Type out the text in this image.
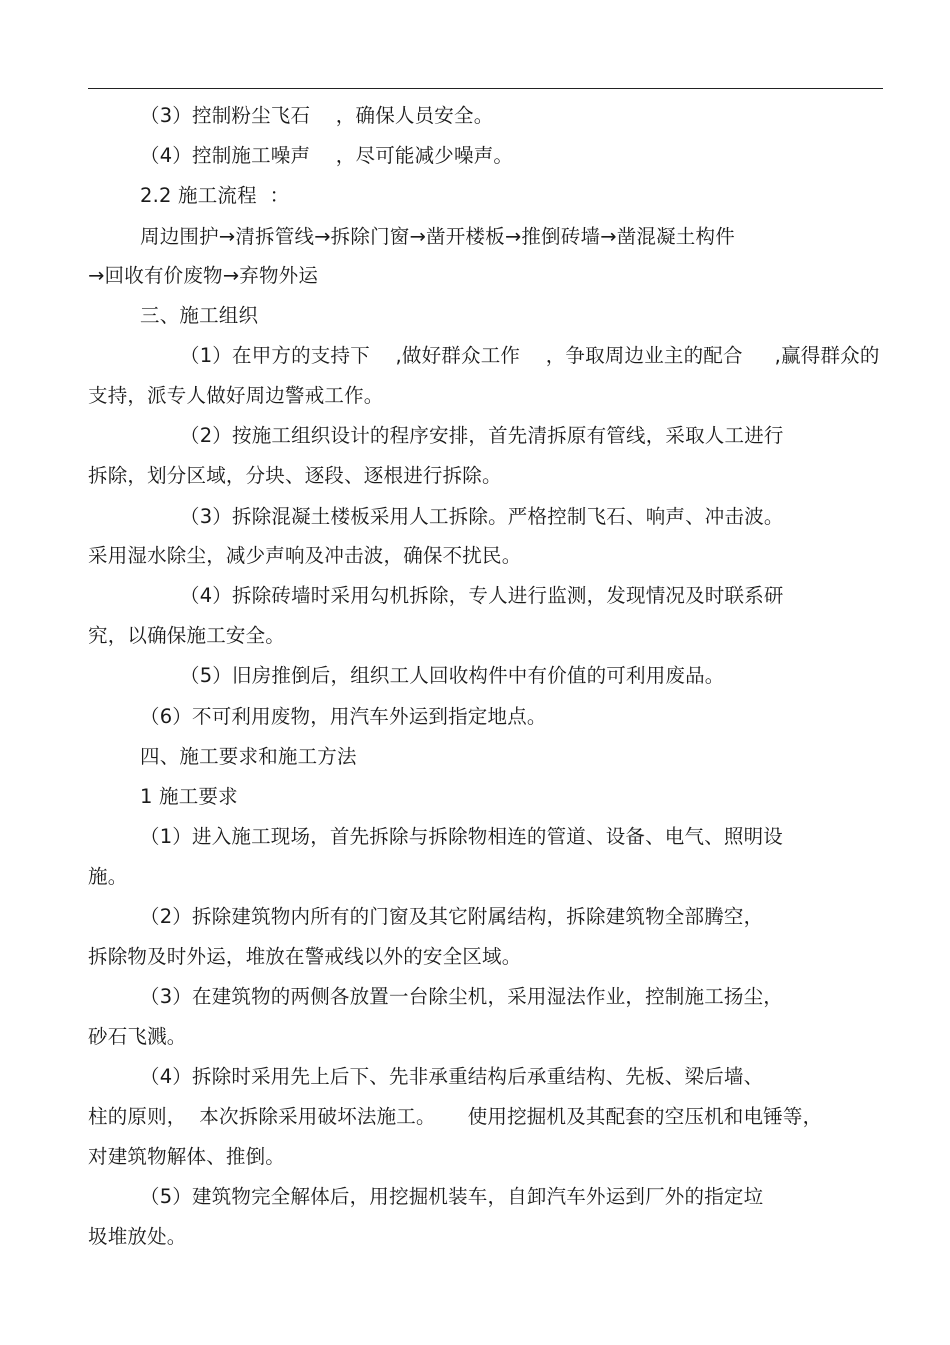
（3）控制粉尘飞石    ，确保人员安全。
（4）控制施工噪声    ，尽可能减少噪声。
2.2 施工流程  ：
周边围护→清拆管线→拆除门窗→凿开楼板→推倒砖墙→凿混凝土构件
→回收有价废物→弃物外运
三、施工组织
（1）在甲方的支持下    ,做好群众工作    ，争取周边业主的配合     ,赢得群众的
支持，派专人做好周边警戒工作。
（2）按施工组织设计的程序安排，首先清拆原有管线，采取人工进行
拆除，划分区域，分块、逐段、逐根进行拆除。
（3）拆除混凝土楼板采用人工拆除。严格控制飞石、响声、冲击波。
采用湿水除尘，减少声响及冲击波，确保不扰民。
（4）拆除砖墙时采用勾机拆除，专人进行监测，发现情况及时联系研
究，以确保施工安全。
（5）旧房推倒后，组织工人回收构件中有价值的可利用废品。
（6）不可利用废物，用汽车外运到指定地点。
四、施工要求和施工方法
1 施工要求
（1）进入施工现场，首先拆除与拆除物相连的管道、设备、电气、照明设
施。
（2）拆除建筑物内所有的门窗及其它附属结构，拆除建筑物全部腾空，
拆除物及时外运，堆放在警戒线以外的安全区域。
（3）在建筑物的两侧各放置一台除尘机，采用湿法作业，控制施工扬尘，
砂石飞溅。
（4）拆除时采用先上后下、先非承重结构后承重结构、先板、梁后墙、
柱的原则，  本次拆除采用破坏法施工。     使用挖掘机及其配套的空压机和电锤等，
对建筑物解体、推倒。
（5）建筑物完全解体后，用挖掘机装车，自卸汽车外运到厂外的指定垃
圾堆放处。
